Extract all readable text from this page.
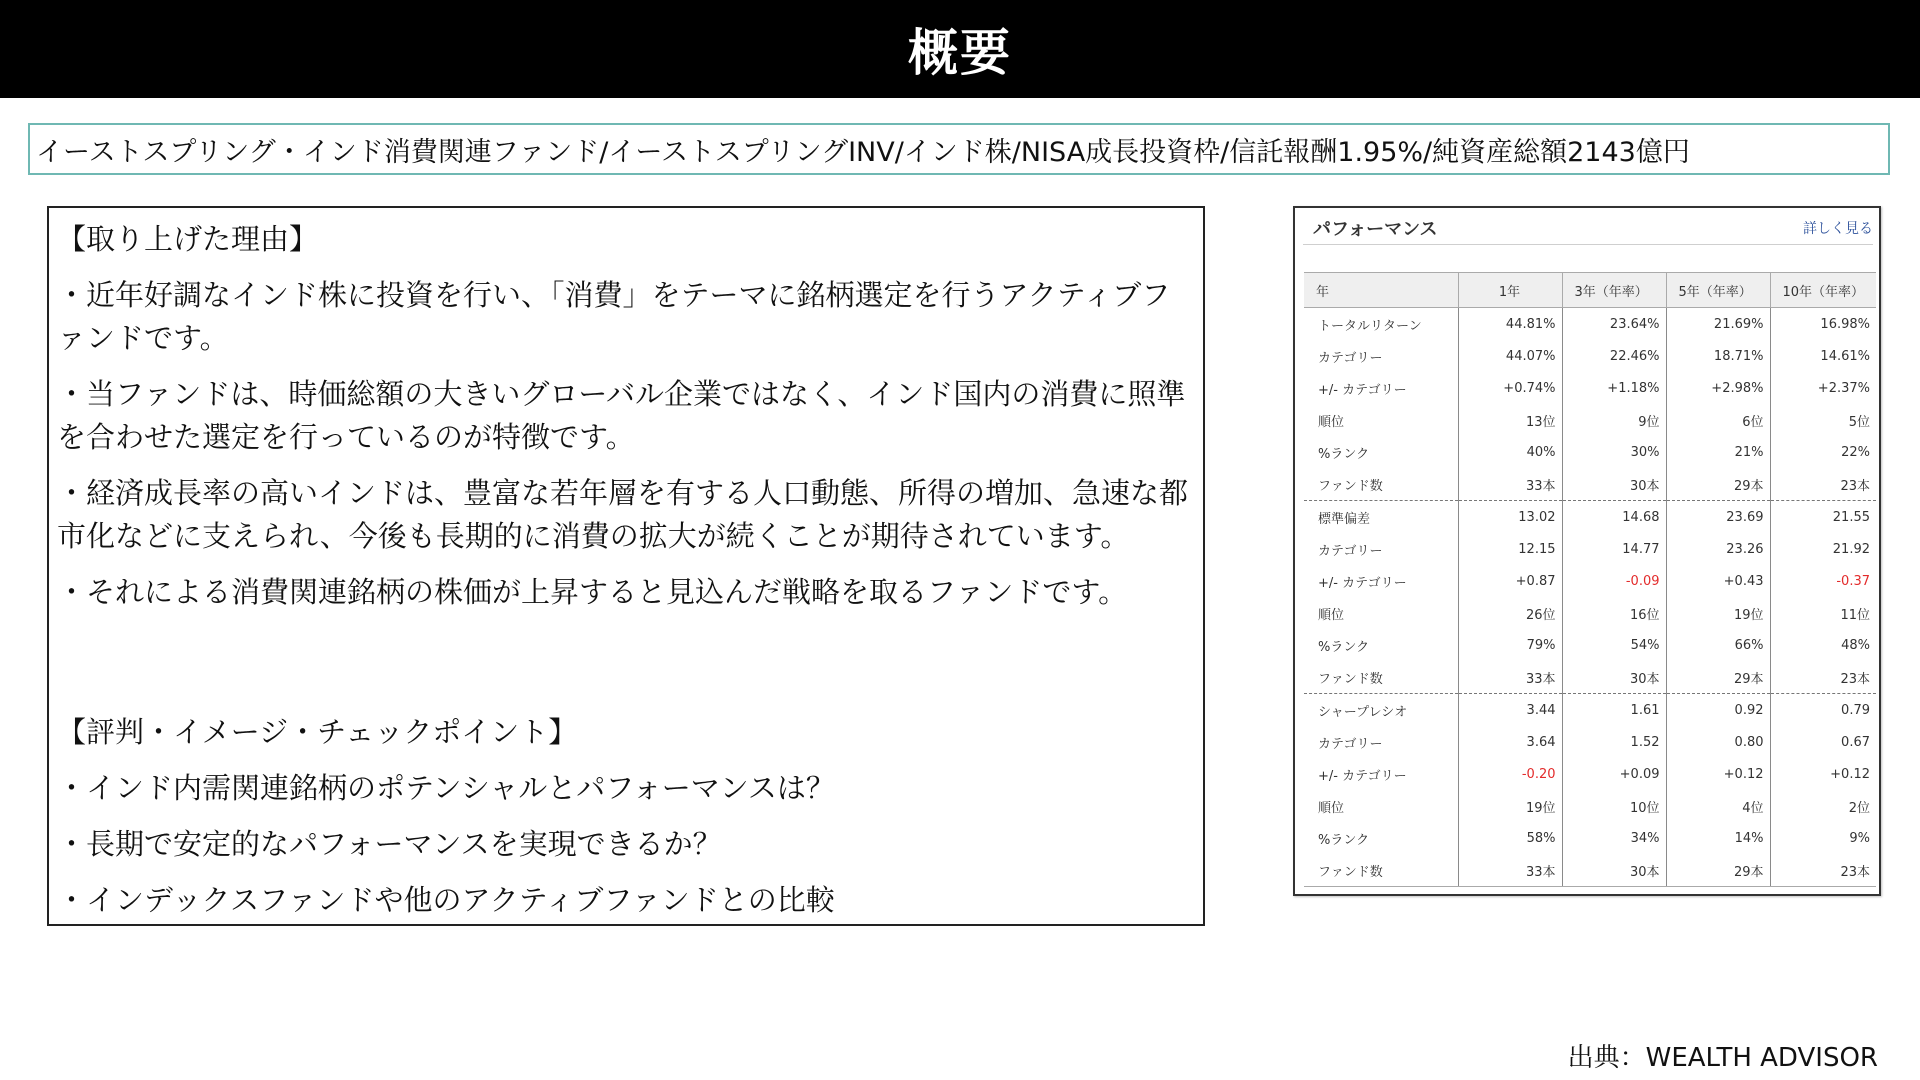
概要
イーストスプリング・インド消費関連ファンド/イーストスプリングINV/インド株/NISA成長投資枠/信託報酬1.95%/純資産総額2143億円

【取り上げた理由】

・近年好調なインド株に投資を行い、「消費」をテーマに銘柄選定を行うアクティブファンドです。

・当ファンドは、時価総額の大きいグローバル企業ではなく、インド国内の消費に照準を合わせた選定を行っているのが特徴です。

・経済成長率の高いインドは、豊富な若年層を有する人口動態、所得の増加、急速な都市化などに支えられ、今後も長期的に消費の拡大が続くことが期待されています。

・それによる消費関連銘柄の株価が上昇すると見込んだ戦略を取るファンドです。

【評判・イメージ・チェックポイント】

・インド内需関連銘柄のポテンシャルとパフォーマンスは？

・長期で安定的なパフォーマンスを実現できるか？

・インデックスファンドや他のアクティブファンドとの比較

パフォーマンス	詳しく見る
年	1年	3年（年率）	5年（年率）	10年（年率）
トータルリターン	44.81%	23.64%	21.69%	16.98%
カテゴリー	44.07%	22.46%	18.71%	14.61%
+/- カテゴリー	+0.74%	+1.18%	+2.98%	+2.37%
順位	13位	9位	6位	5位
%ランク	40%	30%	21%	22%
ファンド数	33本	30本	29本	23本
標準偏差	13.02	14.68	23.69	21.55
カテゴリー	12.15	14.77	23.26	21.92
+/- カテゴリー	+0.87	-0.09	+0.43	-0.37
順位	26位	16位	19位	11位
%ランク	79%	54%	66%	48%
ファンド数	33本	30本	29本	23本
シャープレシオ	3.44	1.61	0.92	0.79
カテゴリー	3.64	1.52	0.80	0.67
+/- カテゴリー	-0.20	+0.09	+0.12	+0.12
順位	19位	10位	4位	2位
%ランク	58%	34%	14%	9%
ファンド数	33本	30本	29本	23本
出典：WEALTH ADVISOR
